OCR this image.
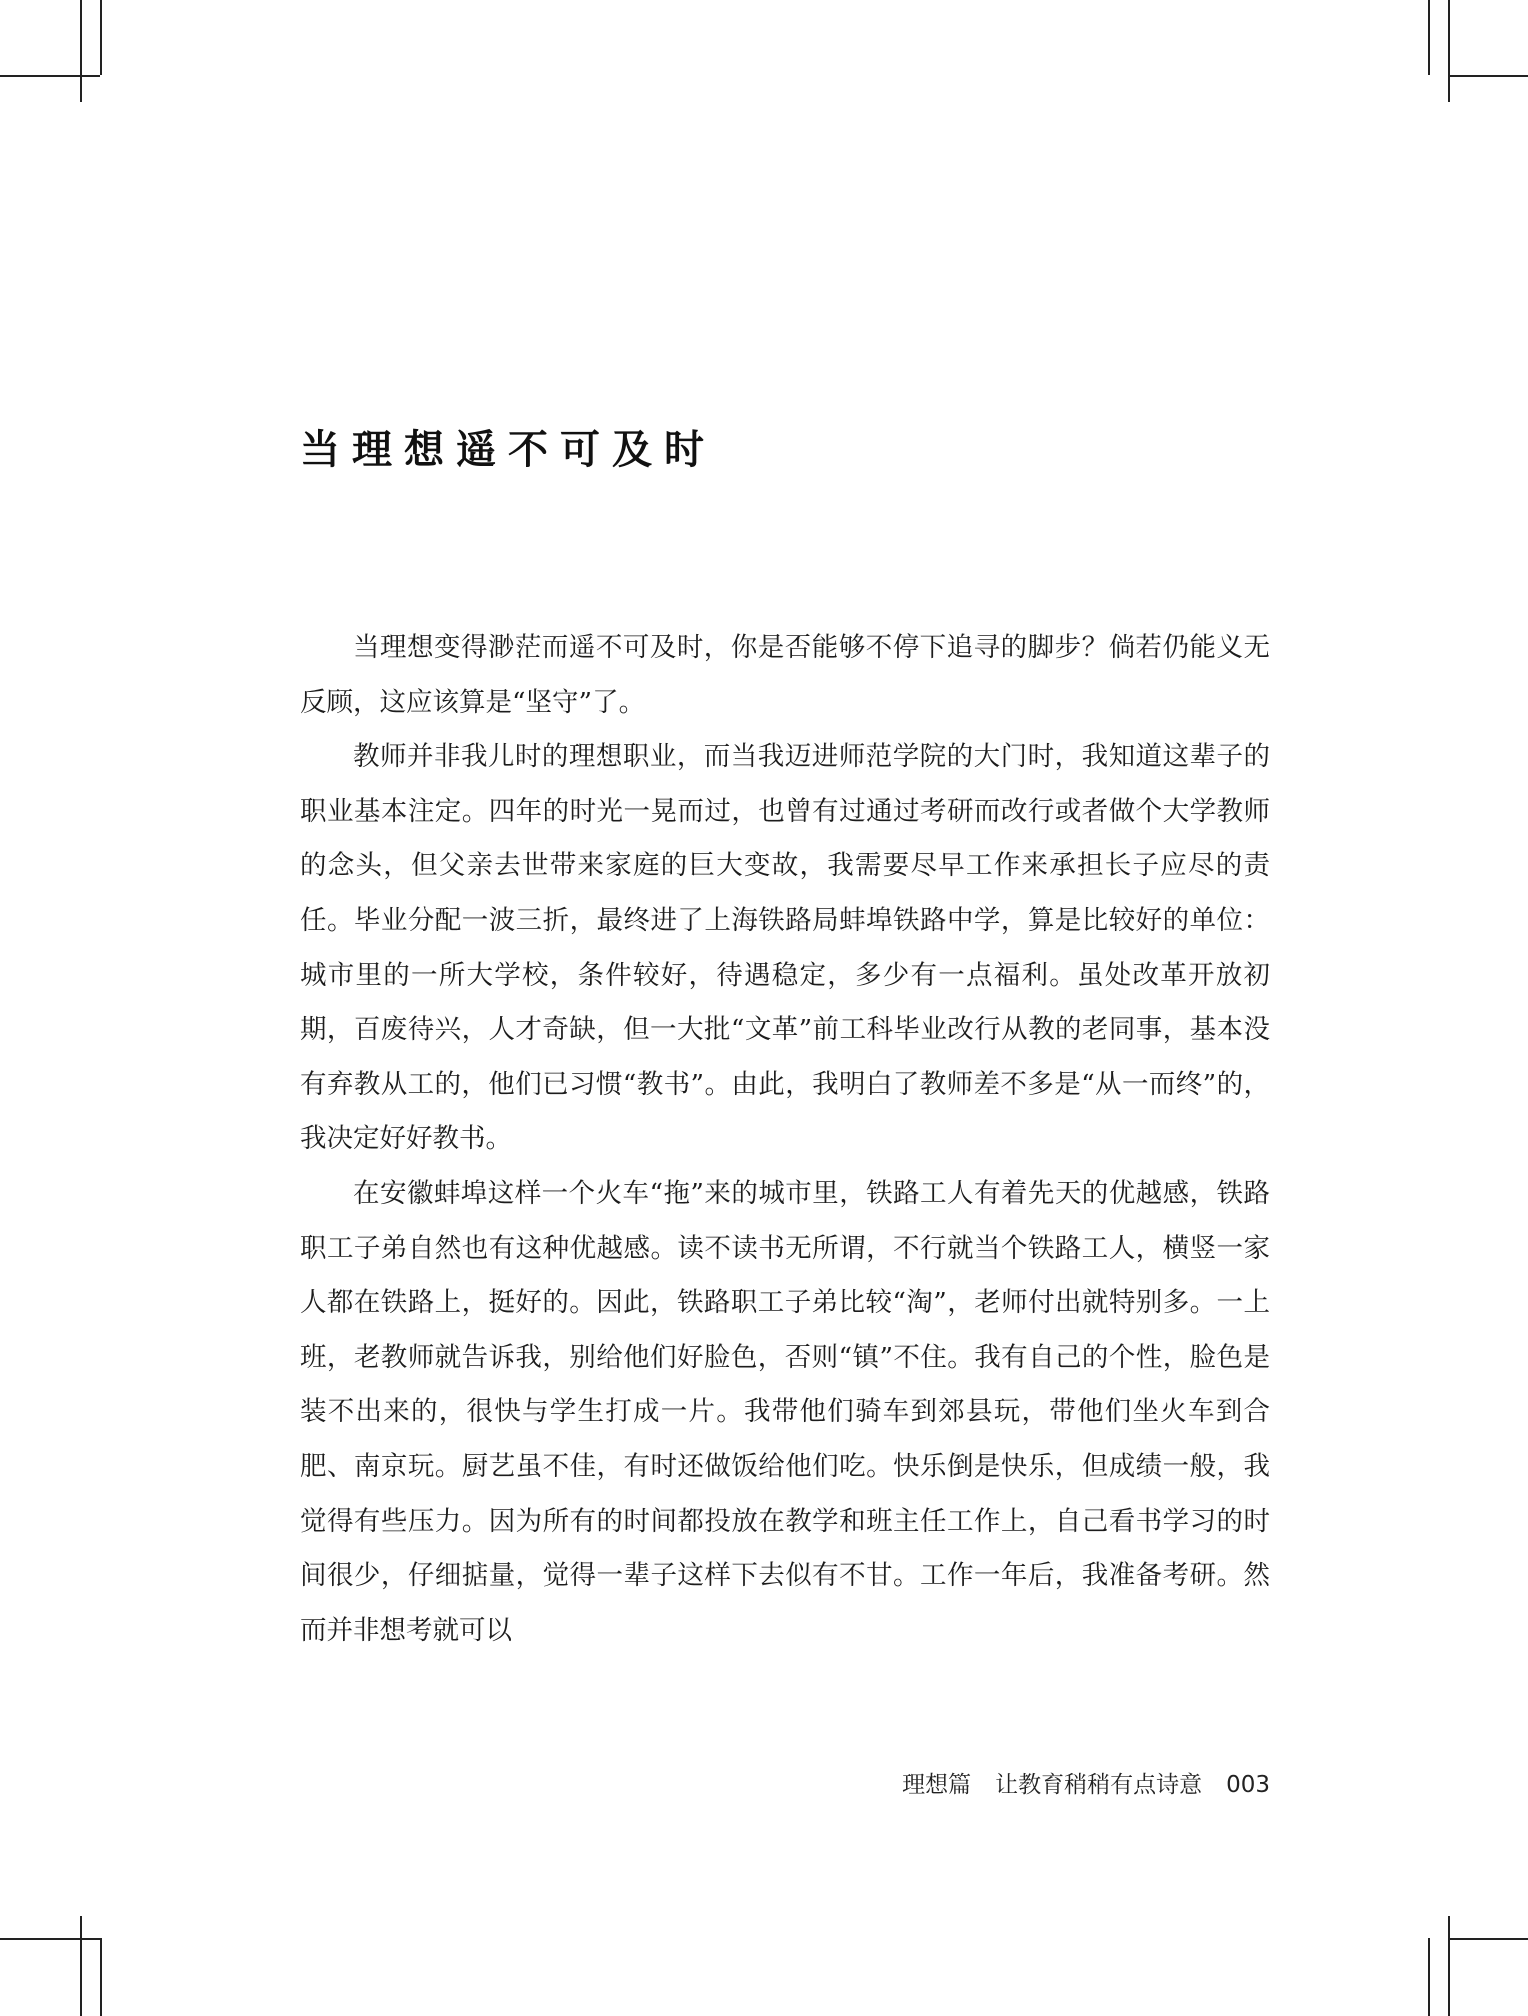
当理想遥不可及时

当理想变得渺茫而遥不可及时，你是否能够不停下追寻的脚步？倘若仍能义无反顾，这应该算是“坚守”了。

教师并非我儿时的理想职业，而当我迈进师范学院的大门时，我知道这辈子的职业基本注定。四年的时光一晃而过，也曾有过通过考研而改行或者做个大学教师的念头，但父亲去世带来家庭的巨大变故，我需要尽早工作来承担长子应尽的责任。毕业分配一波三折，最终进了上海铁路局蚌埠铁路中学，算是比较好的单位：城市里的一所大学校，条件较好，待遇稳定，多少有一点福利。虽处改革开放初期，百废待兴，人才奇缺，但一大批“文革”前工科毕业改行从教的老同事，基本没有弃教从工的，他们已习惯“教书”。由此，我明白了教师差不多是“从一而终”的，我决定好好教书。

在安徽蚌埠这样一个火车“拖”来的城市里，铁路工人有着先天的优越感，铁路职工子弟自然也有这种优越感。读不读书无所谓，不行就当个铁路工人，横竖一家人都在铁路上，挺好的。因此，铁路职工子弟比较“淘”，老师付出就特别多。一上班，老教师就告诉我，别给他们好脸色，否则“镇”不住。我有自己的个性，脸色是装不出来的，很快与学生打成一片。我带他们骑车到郊县玩，带他们坐火车到合肥、南京玩。厨艺虽不佳，有时还做饭给他们吃。快乐倒是快乐，但成绩一般，我觉得有些压力。因为所有的时间都投放在教学和班主任工作上，自己看书学习的时间很少，仔细掂量，觉得一辈子这样下去似有不甘。工作一年后，我准备考研。然而并非想考就可以

理想篇 让教育稍稍有点诗意 003
